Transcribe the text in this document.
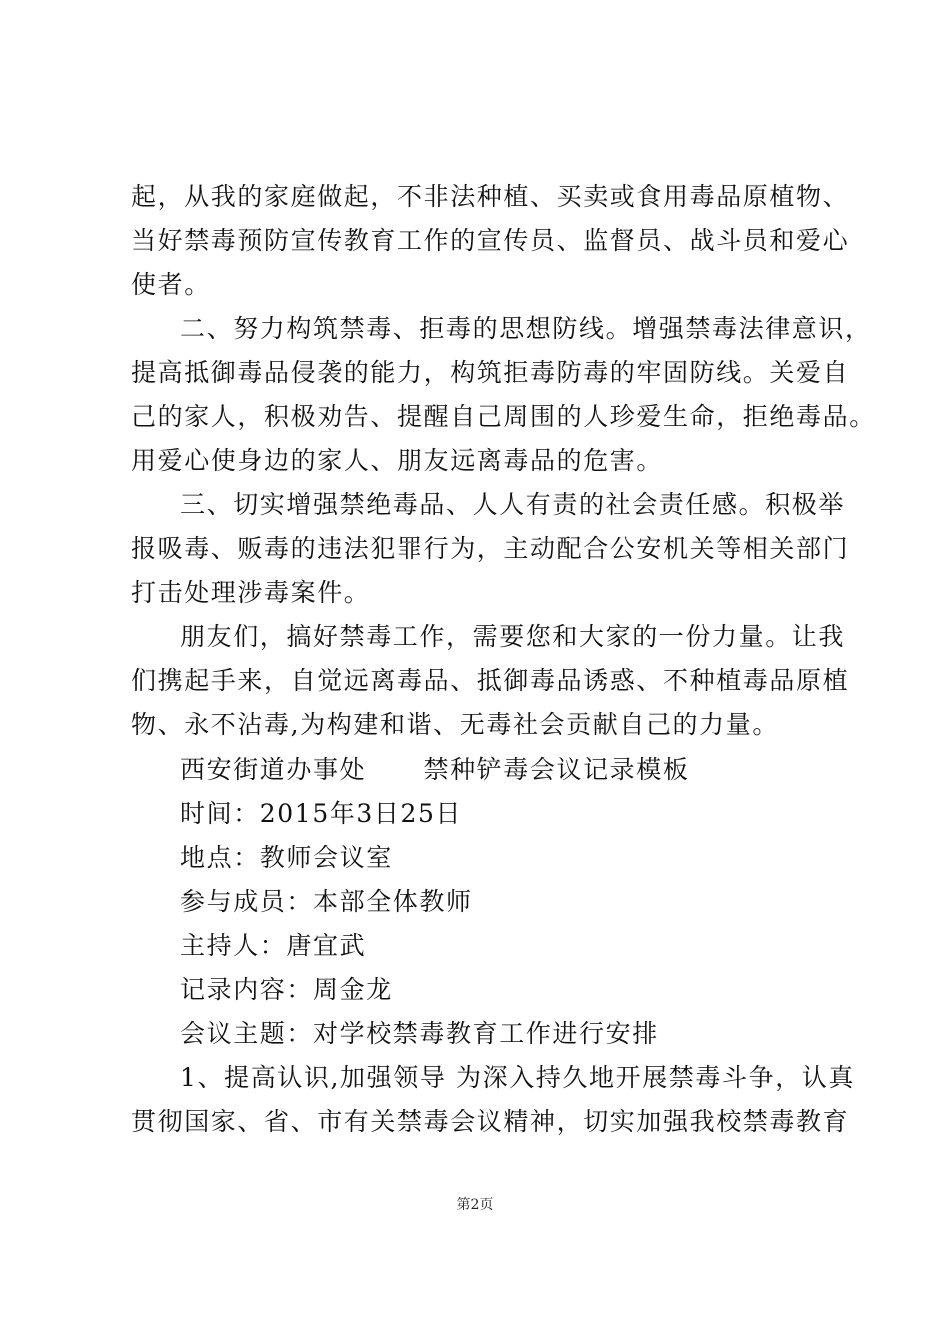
起，从我的家庭做起，不非法种植、买卖或食用毒品原植物、
当好禁毒预防宣传教育工作的宣传员、监督员、战斗员和爱心
使者。
二、努力构筑禁毒、拒毒的思想防线。增强禁毒法律意识，
提高抵御毒品侵袭的能力，构筑拒毒防毒的牢固防线。关爱自
己的家人，积极劝告、提醒自己周围的人珍爱生命，拒绝毒品。
用爱心使身边的家人、朋友远离毒品的危害。
三、切实增强禁绝毒品、人人有责的社会责任感。积极举
报吸毒、贩毒的违法犯罪行为，主动配合公安机关等相关部门
打击处理涉毒案件。
朋友们，搞好禁毒工作，需要您和大家的一份力量。让我
们携起手来，自觉远离毒品、抵御毒品诱惑、不种植毒品原植
物、永不沾毒,为构建和谐、无毒社会贡献自己的力量。
西安街道办事处      禁种铲毒会议记录模板
时间：2015年3日25日
地点：教师会议室
参与成员：本部全体教师
主持人：唐宜武
记录内容：周金龙
会议主题：对学校禁毒教育工作进行安排
1、提高认识,加强领导 为深入持久地开展禁毒斗争，认真
贯彻国家、省、市有关禁毒会议精神，切实加强我校禁毒教育
第2页
